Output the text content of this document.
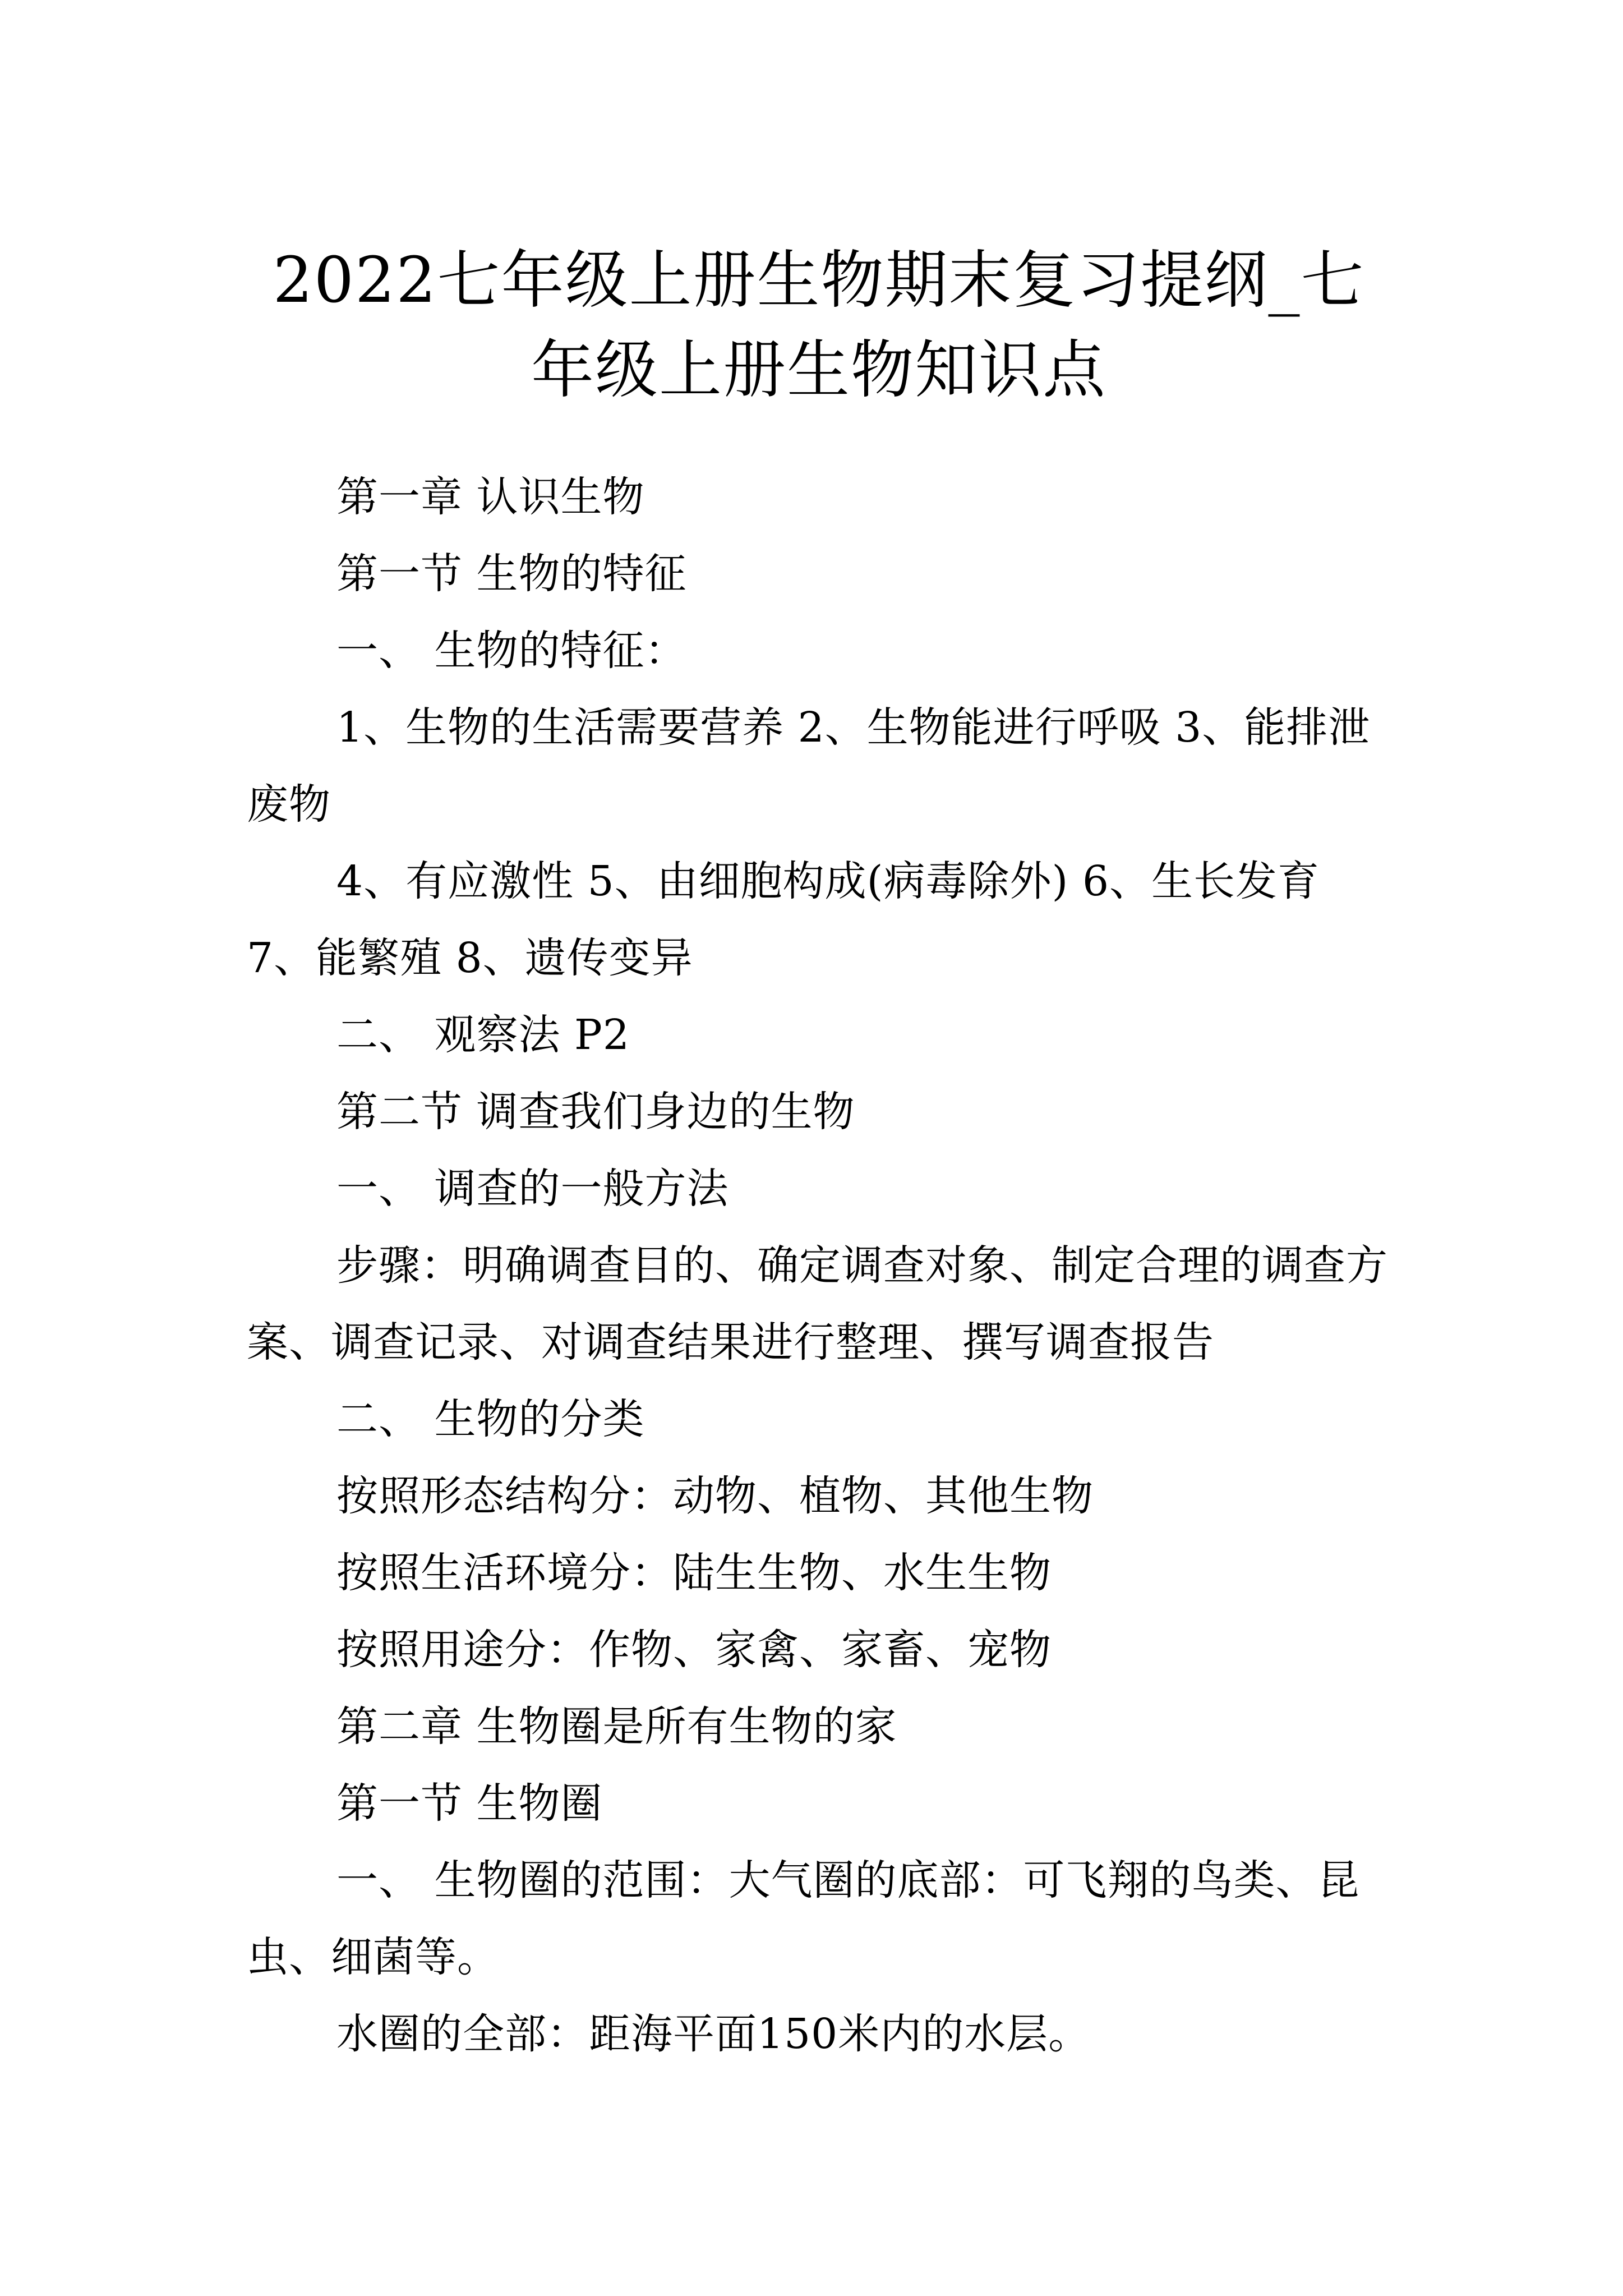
2022七年级上册生物期末复习提纲_七年级上册生物知识点

第一章 认识生物

第一节 生物的特征

一、 生物的特征：

1、生物的生活需要营养 2、生物能进行呼吸 3、能排泄废物

4、有应激性 5、由细胞构成(病毒除外) 6、生长发育 7、能繁殖 8、遗传变异

二、 观察法 P2

第二节 调查我们身边的生物

一、 调查的一般方法

步骤：明确调查目的、确定调查对象、制定合理的调查方案、调查记录、对调查结果进行整理、撰写调查报告

二、 生物的分类

按照形态结构分：动物、植物、其他生物

按照生活环境分：陆生生物、水生生物

按照用途分：作物、家禽、家畜、宠物

第二章 生物圈是所有生物的家

第一节 生物圈

一、 生物圈的范围：大气圈的底部：可飞翔的鸟类、昆虫、细菌等。

水圈的全部：距海平面150米内的水层。
